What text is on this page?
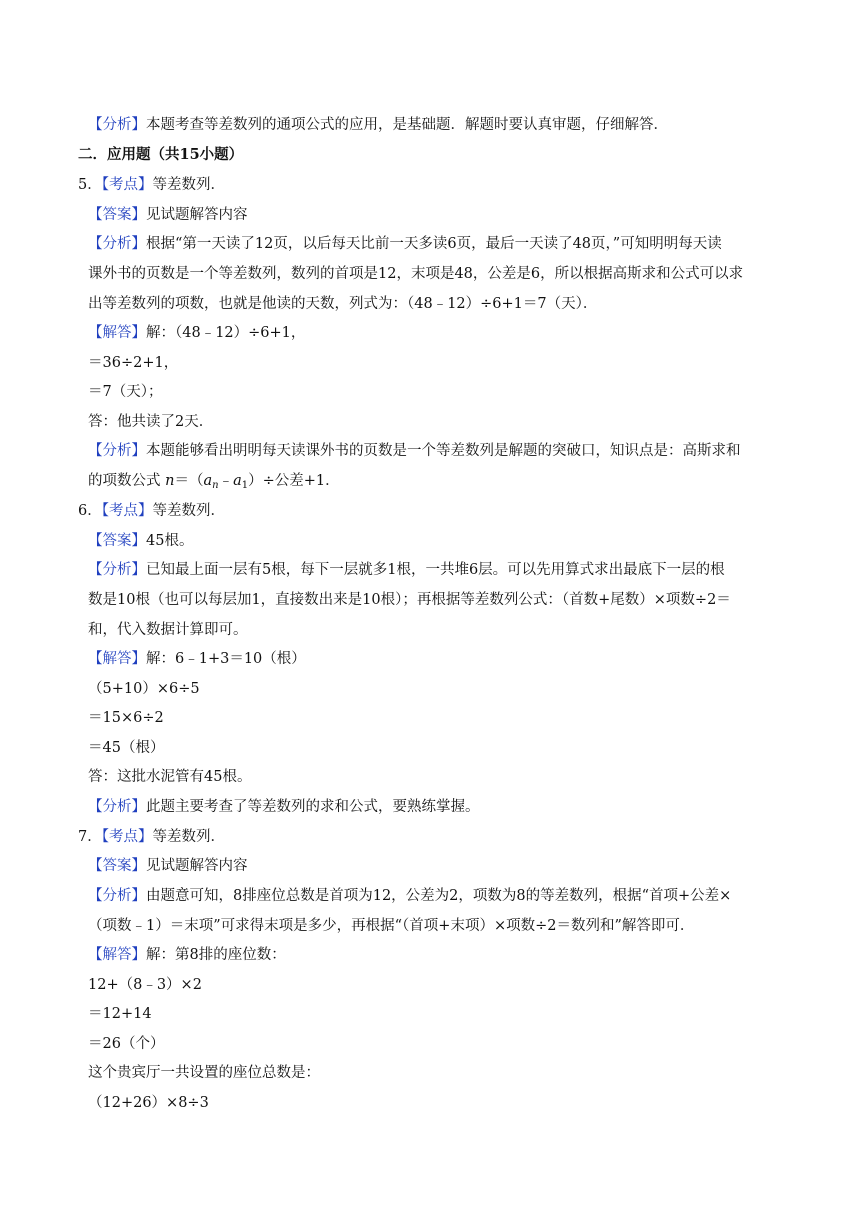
【分析】本题考查等差数列的通项公式的应用，是基础题．解题时要认真审题，仔细解答．
二．应用题（共15小题）
5．【考点】等差数列．
【答案】见试题解答内容
【分析】根据“第一天读了12页，以后每天比前一天多读6页，最后一天读了48页，”可知明明每天读
课外书的页数是一个等差数列，数列的首项是12，末项是48，公差是6，所以根据高斯求和公式可以求
出等差数列的项数，也就是他读的天数，列式为：（48﹣12）÷6+1＝7（天）．
【解答】解：（48﹣12）÷6+1，
＝36÷2+1，
＝7（天）；
答：他共读了2天．
【分析】本题能够看出明明每天读课外书的页数是一个等差数列是解题的突破口，知识点是：高斯求和
的项数公式 $n=(a_n﹣a_1)\div$公差+1．
6．【考点】等差数列．
【答案】45根。
【分析】已知最上面一层有5根，每下一层就多1根，一共堆6层。可以先用算式求出最底下一层的根
数是10根（也可以每层加1，直接数出来是10根）；再根据等差数列公式：（首数+尾数）×项数÷2＝
和，代入数据计算即可。
【解答】解：6﹣1+3＝10（根）
（5+10）×6÷5
＝15×6÷2
＝45（根）
答：这批水泥管有45根。
【分析】此题主要考查了等差数列的求和公式，要熟练掌握。
7．【考点】等差数列．
【答案】见试题解答内容
【分析】由题意可知，8排座位总数是首项为12，公差为2，项数为8的等差数列，根据“首项+公差×
（项数﹣1）＝末项”可求得末项是多少，再根据“（首项+末项）×项数÷2＝数列和”解答即可．
【解答】解：第8排的座位数：
12+（8﹣3）×2
＝12+14
＝26（个）
这个贵宾厅一共设置的座位总数是：
（12+26）×8÷3
